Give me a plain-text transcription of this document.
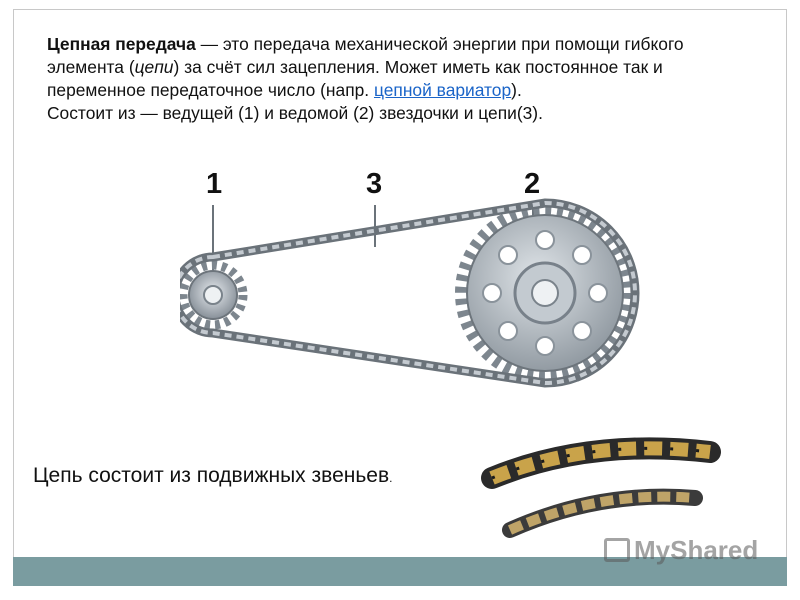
Цепная передача — это передача механической энергии при помощи гибкого элемента (цепи) за счёт сил зацепления. Может иметь как постоянное так и переменное передаточное число (напр. цепной вариатор).
Состоит из — ведущей (1) и ведомой (2) звездочки и цепи(3).
1	3	2
Цепь состоит из подвижных звеньев.
MyShared
